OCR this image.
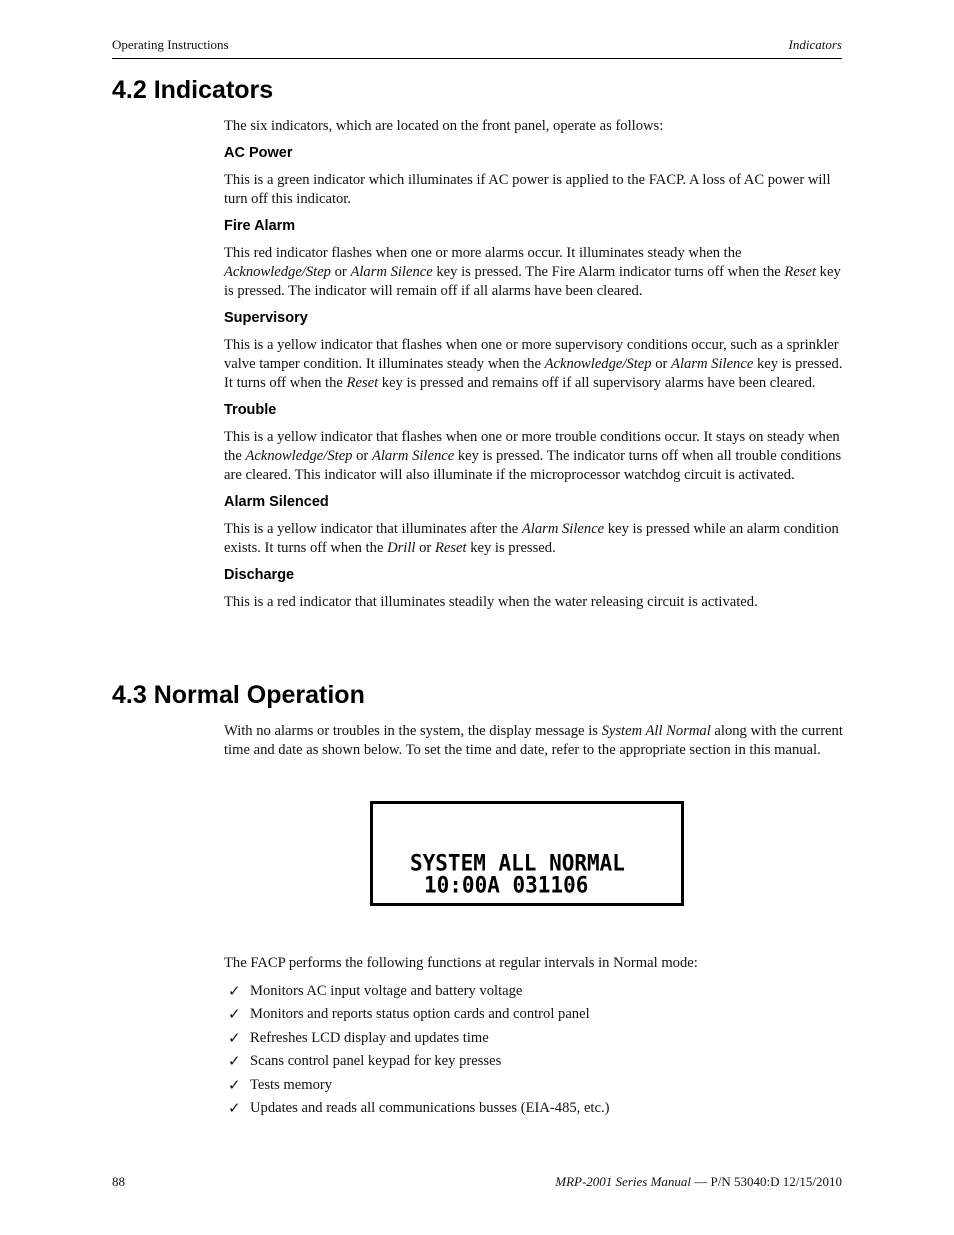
Operating Instructions	Indicators
4.2 Indicators

The six indicators, which are located on the front panel, operate as follows:

AC Power

This is a green indicator which illuminates if AC power is applied to the FACP. A loss of AC power will turn off this indicator.

Fire Alarm

This red indicator flashes when one or more alarms occur. It illuminates steady when the Acknowledge/Step or Alarm Silence key is pressed. The Fire Alarm indicator turns off when the Reset key is pressed. The indicator will remain off if all alarms have been cleared.

Supervisory

This is a yellow indicator that flashes when one or more supervisory conditions occur, such as a sprinkler valve tamper condition. It illuminates steady when the Acknowledge/Step or Alarm Silence key is pressed. It turns off when the Reset key is pressed and remains off if all supervisory alarms have been cleared.

Trouble

This is a yellow indicator that flashes when one or more trouble conditions occur. It stays on steady when the Acknowledge/Step or Alarm Silence key is pressed. The indicator turns off when all trouble conditions are cleared. This indicator will also illuminate if the microprocessor watchdog circuit is activated.

Alarm Silenced

This is a yellow indicator that illuminates after the Alarm Silence key is pressed while an alarm condition exists. It turns off when the Drill or Reset key is pressed.

Discharge

This is a red indicator that illuminates steadily when the water releasing circuit is activated.

4.3 Normal Operation

With no alarms or troubles in the system, the display message is System All Normal along with the current time and date as shown below. To set the time and date, refer to the appropriate section in this manual.

SYSTEM ALL NORMAL
10:00A 031106

The FACP performs the following functions at regular intervals in Normal mode:

✓ Monitors AC input voltage and battery voltage
✓ Monitors and reports status option cards and control panel
✓ Refreshes LCD display and updates time
✓ Scans control panel keypad for key presses
✓ Tests memory
✓ Updates and reads all communications busses (EIA-485, etc.)
88	MRP-2001 Series Manual — P/N 53040:D 12/15/2010
